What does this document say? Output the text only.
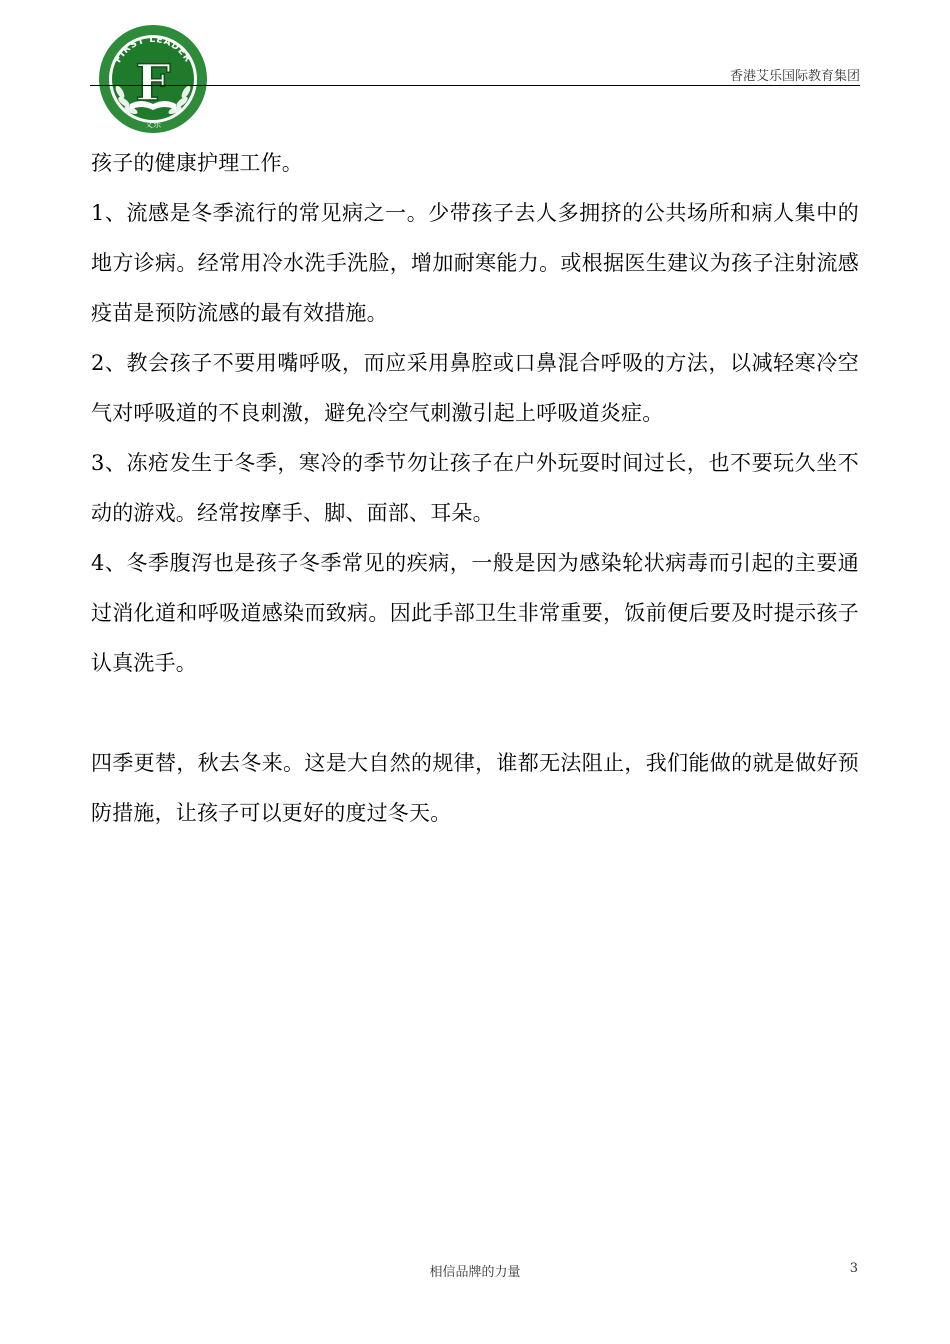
FIRST LEADER
F
艾乐
香港艾乐国际教育集团

孩子的健康护理工作。

1、流感是冬季流行的常见病之一。少带孩子去人多拥挤的公共场所和病人集中的地方诊病。经常用冷水洗手洗脸，增加耐寒能力。或根据医生建议为孩子注射流感疫苗是预防流感的最有效措施。

2、教会孩子不要用嘴呼吸，而应采用鼻腔或口鼻混合呼吸的方法，以减轻寒冷空气对呼吸道的不良刺激，避免冷空气刺激引起上呼吸道炎症。

3、冻疮发生于冬季，寒冷的季节勿让孩子在户外玩耍时间过长，也不要玩久坐不动的游戏。经常按摩手、脚、面部、耳朵。

4、冬季腹泻也是孩子冬季常见的疾病，一般是因为感染轮状病毒而引起的主要通过消化道和呼吸道感染而致病。因此手部卫生非常重要，饭前便后要及时提示孩子认真洗手。

四季更替，秋去冬来。这是大自然的规律，谁都无法阻止，我们能做的就是做好预防措施，让孩子可以更好的度过冬天。

相信品牌的力量	3
